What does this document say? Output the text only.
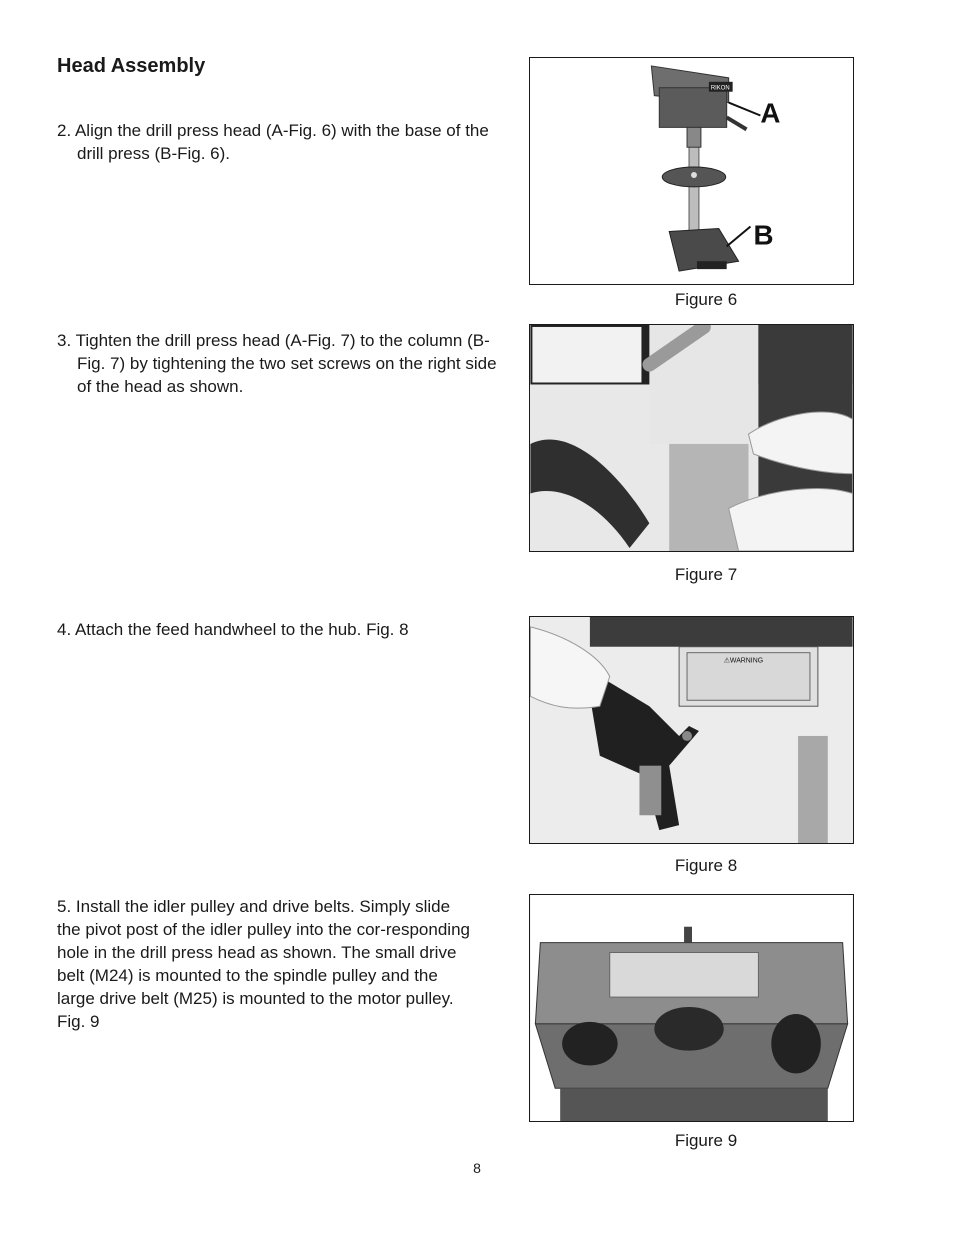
Head Assembly

2. Align the drill press head (A-Fig. 6) with the base of the drill press (B-Fig. 6).

3. Tighten the drill press head (A-Fig. 7) to the column (B-Fig. 7) by tightening the two set screws on the right side of the head as shown.

4. Attach the feed handwheel to the hub. Fig. 8

5. Install the idler pulley and drive belts. Simply slide the pivot post of the idler pulley into the cor-responding hole in the drill press head as shown. The small drive belt (M24) is mounted to the spindle pulley and the large drive belt (M25) is mounted to the motor pulley. Fig. 9

RIKON
A
B

Figure 6

Figure 7

⚠WARNING

Figure 8

Figure 9

8
